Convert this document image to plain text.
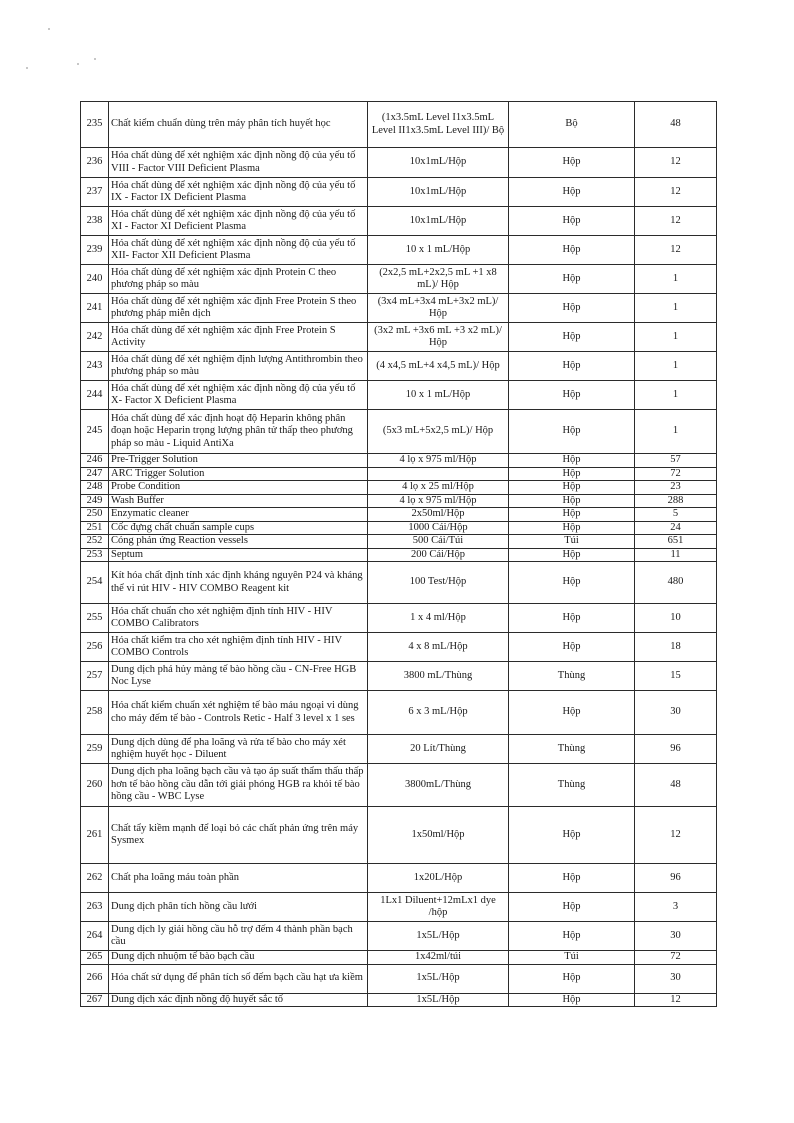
235	Chất kiểm chuẩn dùng trên máy phân tích huyết học	(1x3.5mL Level I1x3.5mL Level II1x3.5mL Level III)/ Bộ	Bộ	48
236	Hóa chất dùng để xét nghiệm xác định nồng độ của yếu tố VIII - Factor VIII Deficient Plasma	10x1mL/Hộp	Hộp	12
237	Hóa chất dùng để xét nghiệm xác định nồng độ của yếu tố IX - Factor IX Deficient Plasma	10x1mL/Hộp	Hộp	12
238	Hóa chất dùng để xét nghiệm xác định nồng độ của yếu tố XI - Factor XI Deficient Plasma	10x1mL/Hộp	Hộp	12
239	Hóa chất dùng để xét nghiệm xác định nồng độ của yếu tố XII- Factor XII Deficient Plasma	10 x 1 mL/Hộp	Hộp	12
240	Hóa chất dùng để xét nghiệm xác định Protein C theo phương pháp so màu	(2x2,5 mL+2x2,5 mL +1 x8 mL)/ Hộp	Hộp	1
241	Hóa chất dùng để xét nghiệm xác định Free Protein S theo phương pháp miễn dịch	(3x4 mL+3x4 mL+3x2 mL)/ Hộp	Hộp	1
242	Hóa chất dùng để xét nghiệm xác định Free Protein S Activity	(3x2 mL +3x6 mL +3 x2 mL)/ Hộp	Hộp	1
243	Hóa chất dùng để xét nghiệm định lượng Antithrombin theo phương pháp so màu	(4 x4,5 mL+4 x4,5 mL)/ Hộp	Hộp	1
244	Hóa chất dùng để xét nghiệm xác định nồng độ của yếu tố X- Factor X Deficient Plasma	10 x 1 mL/Hộp	Hộp	1
245	Hóa chất dùng để xác định hoạt độ Heparin không phân đoạn hoặc Heparin trọng lượng phân tử thấp theo phương pháp so màu - Liquid AntiXa	(5x3 mL+5x2,5 mL)/ Hộp	Hộp	1
246	Pre-Trigger Solution	4 lọ x 975 ml/Hộp	Hộp	57
247	ARC Trigger Solution		Hộp	72
248	Probe Condition	4 lọ x 25 ml/Hộp	Hộp	23
249	Wash Buffer	4 lọ x 975 ml/Hộp	Hộp	288
250	Enzymatic cleaner	2x50ml/Hộp	Hộp	5
251	Cốc đựng chất chuẩn sample cups	1000 Cái/Hộp	Hộp	24
252	Cóng phản ứng Reaction vessels	500 Cái/Túi	Túi	651
253	Septum	200 Cái/Hộp	Hộp	11
254	Kít hóa chất định tính xác định kháng nguyên P24 và kháng thể vi rút HIV - HIV COMBO Reagent kit	100 Test/Hộp	Hộp	480
255	Hóa chất chuẩn cho xét nghiệm định tính HIV - HIV COMBO Calibrators	1 x 4 ml/Hộp	Hộp	10
256	Hóa chất kiểm tra cho xét nghiệm định tính HIV - HIV COMBO Controls	4 x 8 mL/Hộp	Hộp	18
257	Dung dịch phá hủy màng tế bào hồng cầu - CN-Free HGB Noc Lyse	3800 mL/Thùng	Thùng	15
258	Hóa chất kiểm chuẩn xét nghiệm tế bào máu ngoại vi dùng cho máy đếm tế bào - Controls Retic - Half 3 level x 1 ses	6 x 3 mL/Hộp	Hộp	30
259	Dung dịch dùng để pha loãng và rửa tế bào cho máy xét nghiệm huyết học - Diluent	20 Lít/Thùng	Thùng	96
260	Dung dịch pha loãng bạch cầu và tạo áp suất thẩm thấu thấp hơn tế bào hồng cầu dẫn tới giải phóng HGB ra khỏi tế bào hồng cầu - WBC Lyse	3800mL/Thùng	Thùng	48
261	Chất tẩy kiềm mạnh để loại bỏ các chất phản ứng trên máy Sysmex	1x50ml/Hộp	Hộp	12
262	Chất pha loãng máu toàn phần	1x20L/Hộp	Hộp	96
263	Dung dịch phân tích hồng cầu lưới	1Lx1 Diluent+12mLx1 dye /hộp	Hộp	3
264	Dung dịch ly giải hồng cầu hỗ trợ đếm 4 thành phần bạch cầu	1x5L/Hộp	Hộp	30
265	Dung dịch nhuộm tế bào bạch cầu	1x42ml/túi	Túi	72
266	Hóa chất sử dụng để phân tích số đếm bạch cầu hạt ưa kiềm	1x5L/Hộp	Hộp	30
267	Dung dịch xác định nồng độ huyết sắc tố	1x5L/Hộp	Hộp	12
